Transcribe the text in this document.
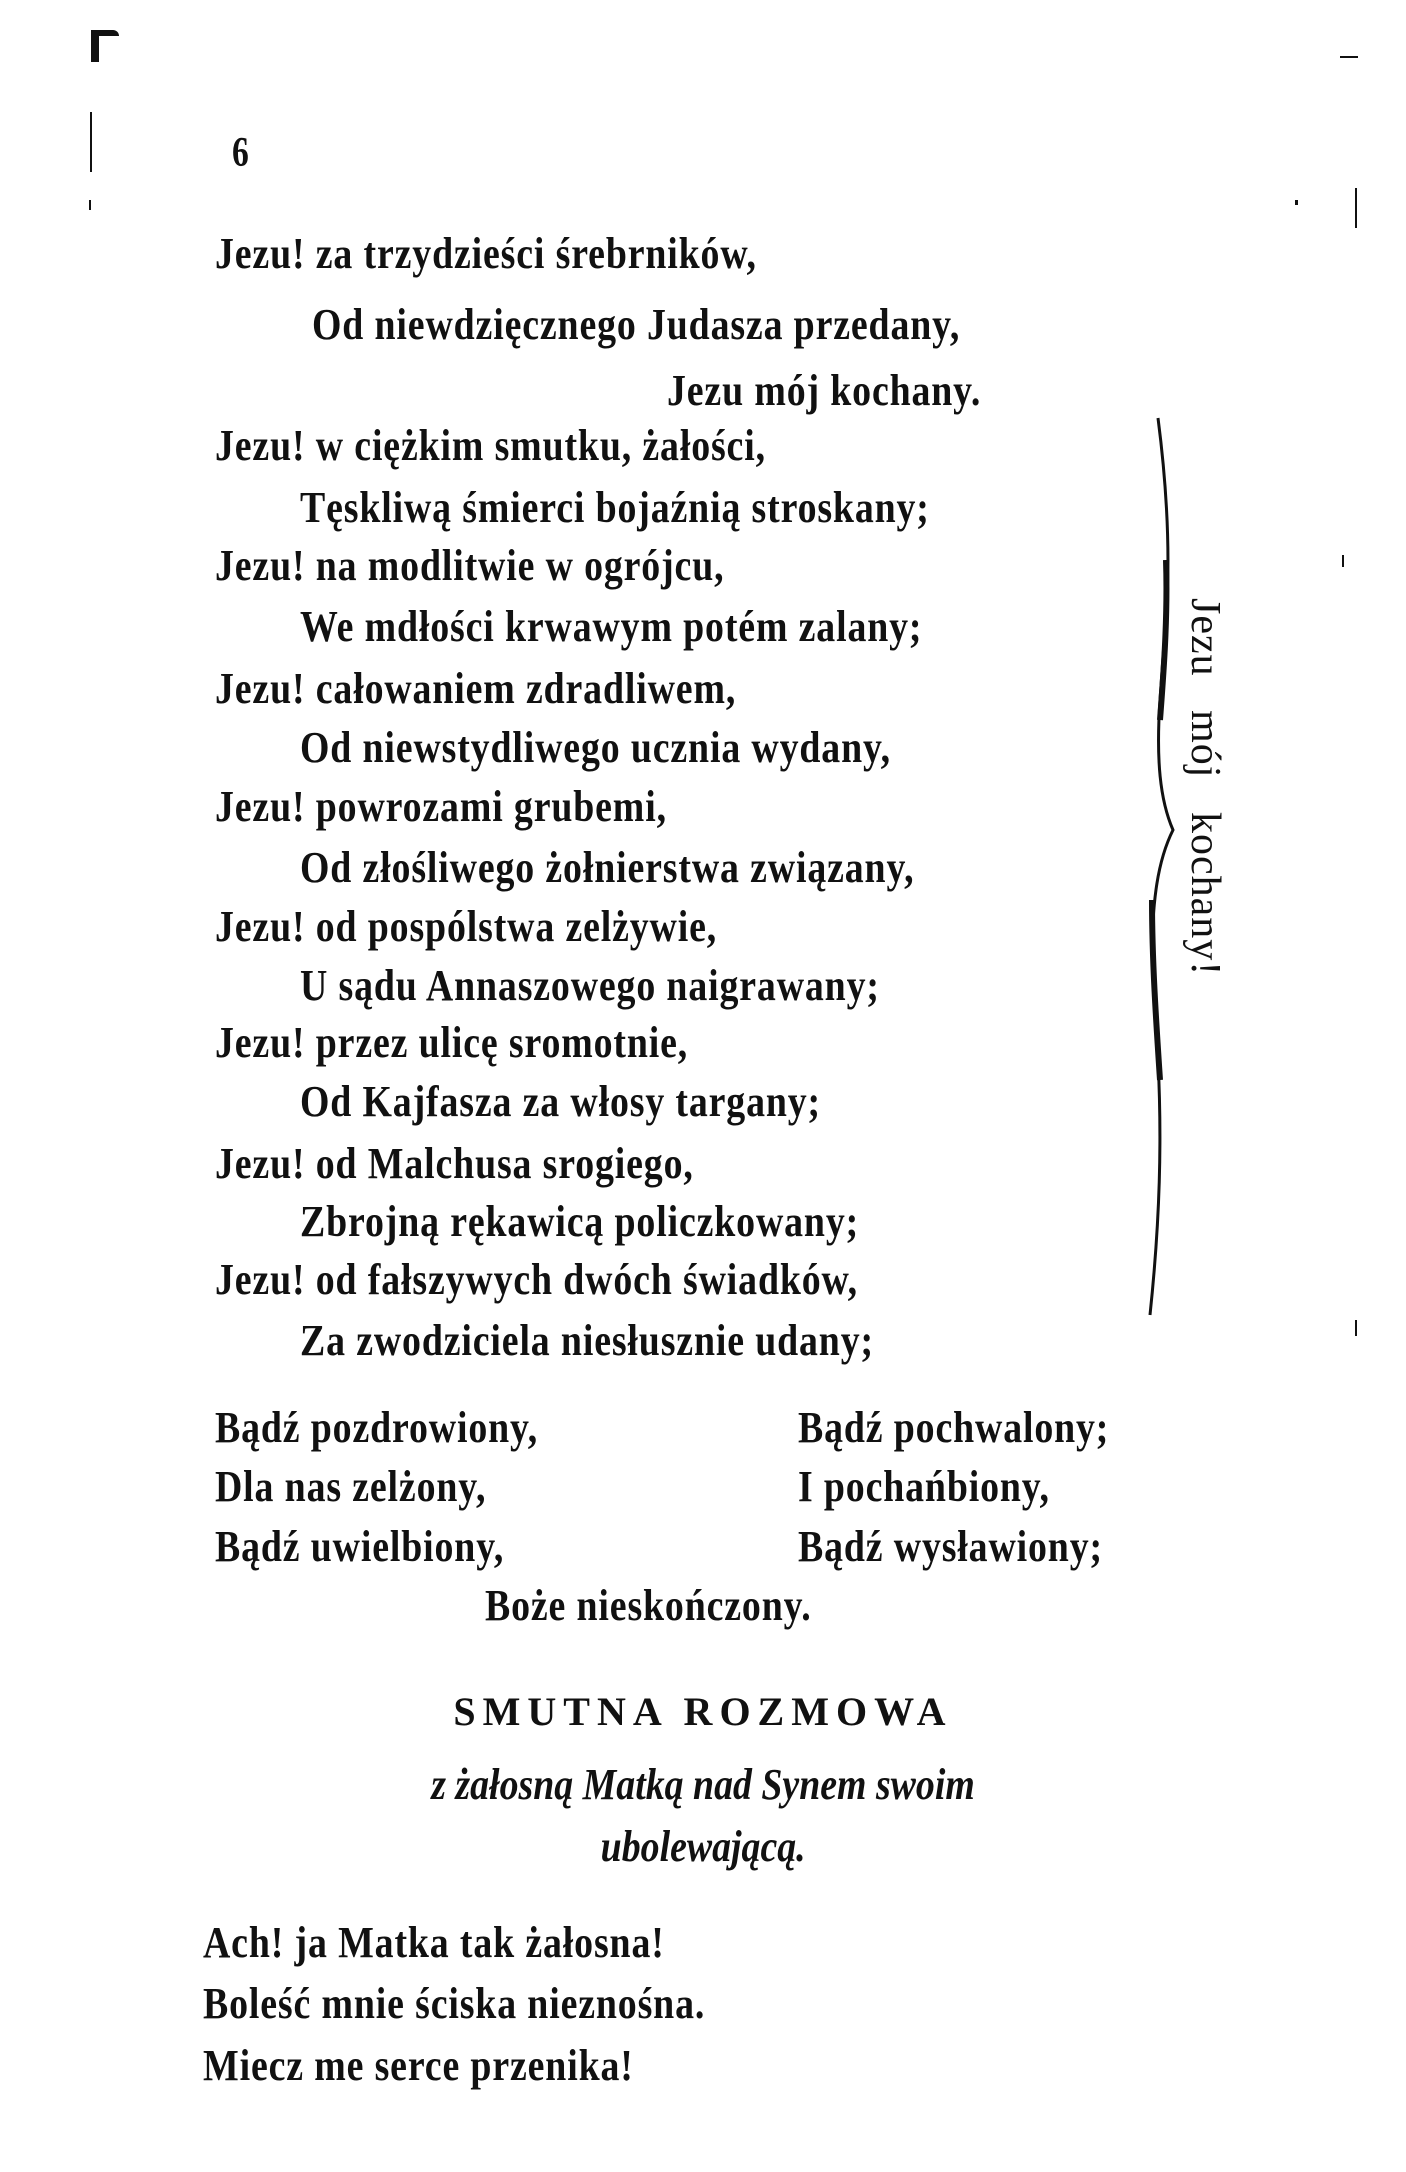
6
Jezu! za trzydzieści śrebrników,
Od niewdzięcznego Judasza przedany,
Jezu mój kochany.
Jezu! w ciężkim smutku, żałości,
Tęskliwą śmierci bojaźnią stroskany;
Jezu! na modlitwie w ogrójcu,
We mdłości krwawym potém zalany;
Jezu! całowaniem zdradliwem,
Od niewstydliwego ucznia wydany,
Jezu! powrozami grubemi,
Od złośliwego żołnierstwa związany,
Jezu! od pospólstwa zelżywie,
U sądu Annaszowego naigrawany;
Jezu! przez ulicę sromotnie,
Od Kajfasza za włosy targany;
Jezu! od Malchusa srogiego,
Zbrojną rękawicą policzkowany;
Jezu! od fałszywych dwóch świadków,
Za zwodziciela niesłusznie udany;
Jezu mój kochany!
Bądź pozdrowiony,	Bądź pochwalony;
Dla nas zelżony,	I pochańbiony,
Bądź uwielbiony,	Bądź wysławiony;
Boże nieskończony.
SMUTNA ROZMOWA
z żałosną Matką nad Synem swoim
ubolewającą.
Ach! ja Matka tak żałosna!
Boleść mnie ściska nieznośna.
Miecz me serce przenika!
